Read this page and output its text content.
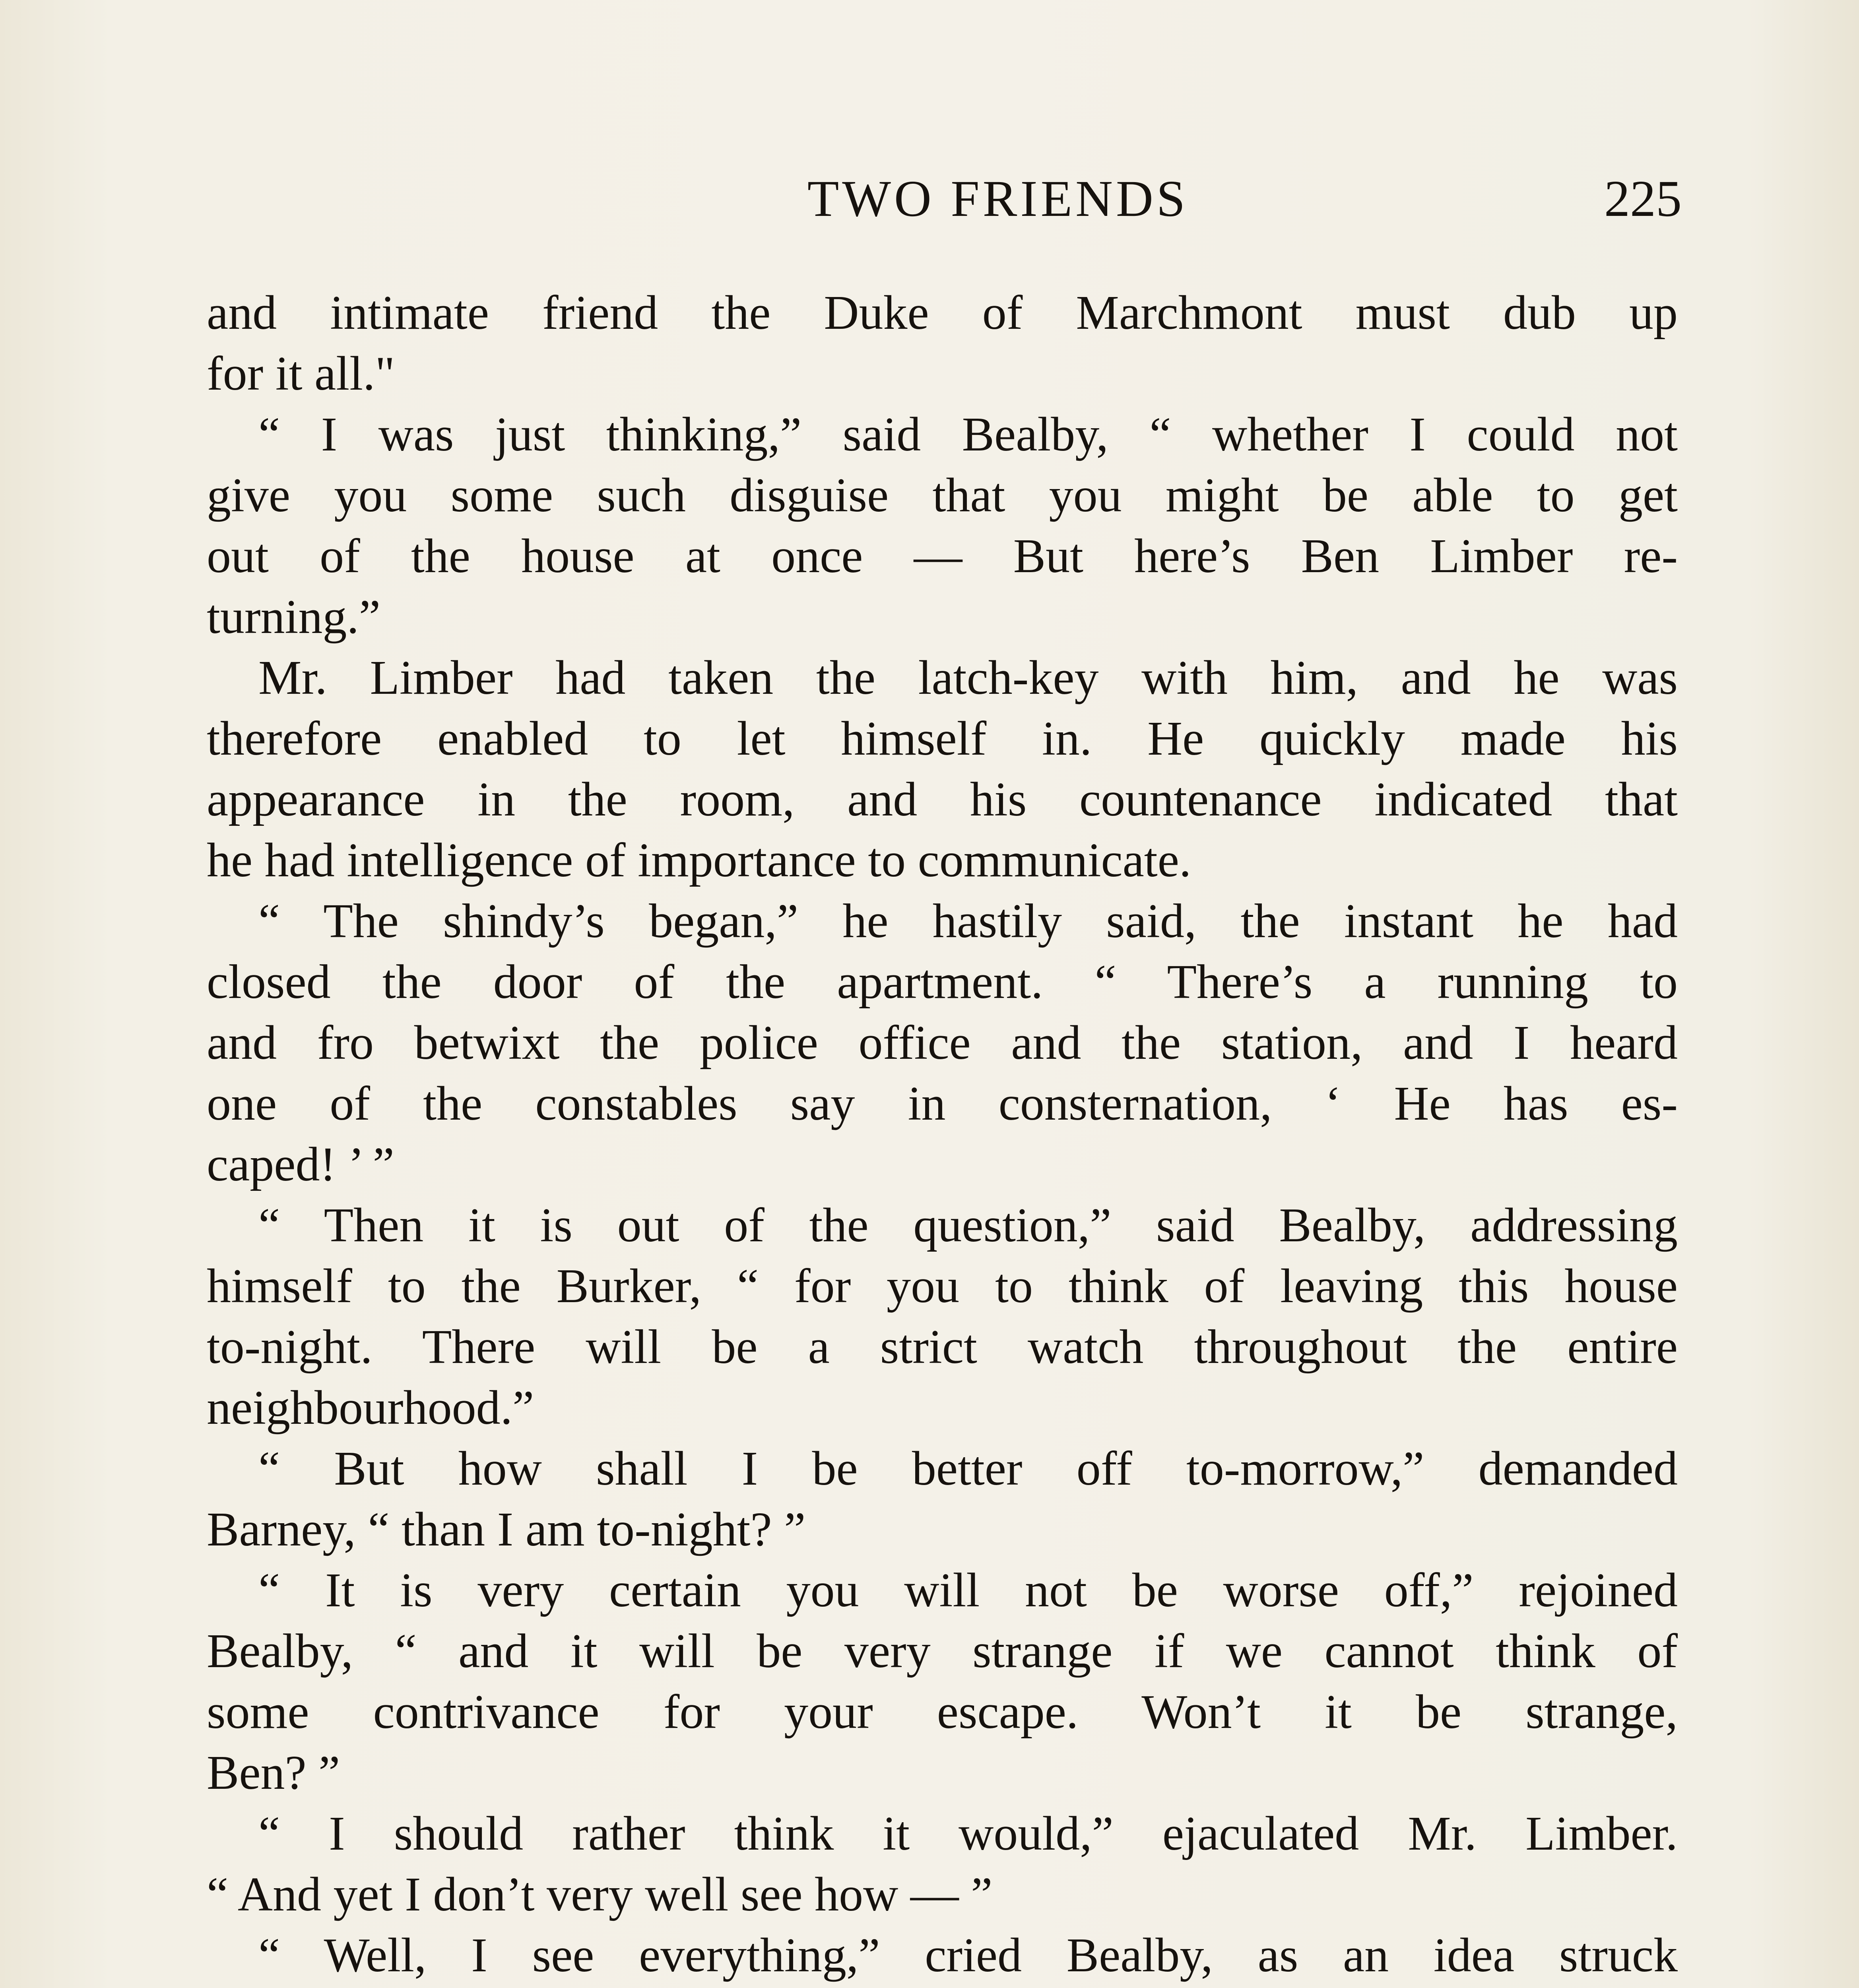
TWO FRIENDS	225
and intimate friend the Duke of Marchmont must dub up
for it all."
“ I was just thinking,” said Bealby, “ whether I could not
give you some such disguise that you might be able to get
out of the house at once — But here’s Ben Limber re-
turning.”
Mr. Limber had taken the latch-key with him, and he was
therefore enabled to let himself in. He quickly made his
appearance in the room, and his countenance indicated that
he had intelligence of importance to communicate.
“ The shindy’s began,” he hastily said, the instant he had
closed the door of the apartment. “ There’s a running to
and fro betwixt the police office and the station, and I heard
one of the constables say in consternation, ‘ He has es-
caped! ’ ”
“ Then it is out of the question,” said Bealby, addressing
himself to the Burker, “ for you to think of leaving this house
to-night. There will be a strict watch throughout the entire
neighbourhood.”
“ But how shall I be better off to-morrow,” demanded
Barney, “ than I am to-night? ”
“ It is very certain you will not be worse off,” rejoined
Bealby, “ and it will be very strange if we cannot think of
some contrivance for your escape. Won’t it be strange,
Ben? ”
“ I should rather think it would,” ejaculated Mr. Limber.
“ And yet I don’t very well see how — ”
“ Well, I see everything,” cried Bealby, as an idea struck
